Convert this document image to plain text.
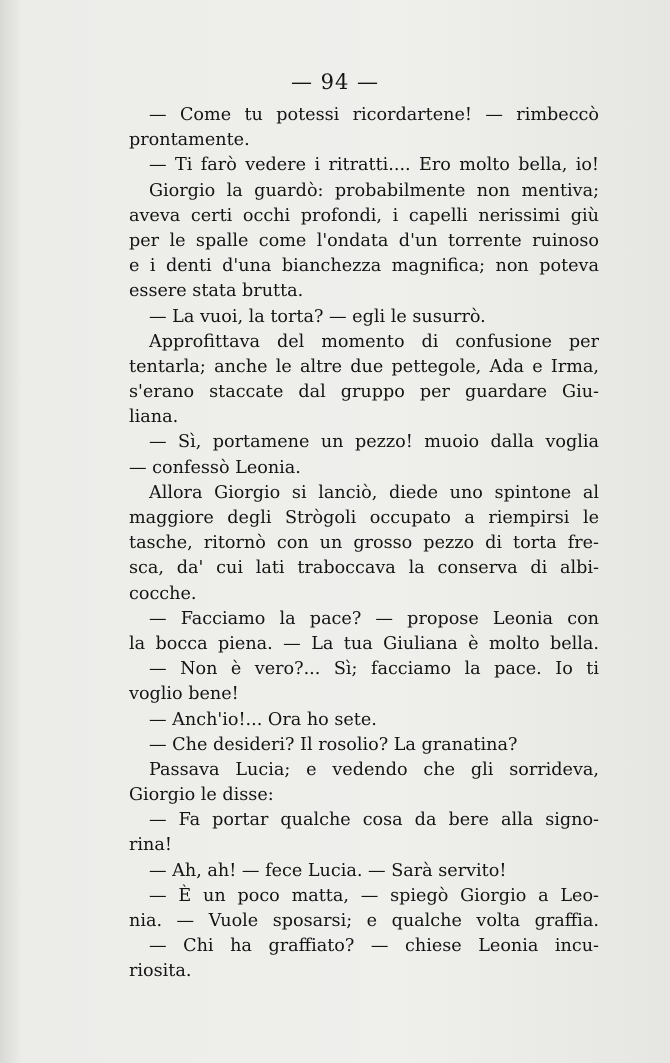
— 94 —
— Come tu potessi ricordartene! — rimbeccò
prontamente.
— Ti farò vedere i ritratti.... Ero molto bella, io!
Giorgio la guardò: probabilmente non mentiva;
aveva certi occhi profondi, i capelli nerissimi giù
per le spalle come l'ondata d'un torrente ruinoso
e i denti d'una bianchezza magnifica; non poteva
essere stata brutta.
— La vuoi, la torta? — egli le susurrò.
Approfittava del momento di confusione per
tentarla; anche le altre due pettegole, Ada e Irma,
s'erano staccate dal gruppo per guardare Giu-
liana.
— Sì, portamene un pezzo! muoio dalla voglia
— confessò Leonia.
Allora Giorgio si lanciò, diede uno spintone al
maggiore degli Strògoli occupato a riempirsi le
tasche, ritornò con un grosso pezzo di torta fre-
sca, da' cui lati traboccava la conserva di albi-
cocche.
— Facciamo la pace? — propose Leonia con
la bocca piena. — La tua Giuliana è molto bella.
— Non è vero?... Sì; facciamo la pace. Io ti
voglio bene!
— Anch'io!... Ora ho sete.
— Che desideri? Il rosolio? La granatina?
Passava Lucia; e vedendo che gli sorrideva,
Giorgio le disse:
— Fa portar qualche cosa da bere alla signo-
rina!
— Ah, ah! — fece Lucia. — Sarà servito!
— È un poco matta, — spiegò Giorgio a Leo-
nia. — Vuole sposarsi; e qualche volta graffia.
— Chi ha graffiato? — chiese Leonia incu-
riosita.
